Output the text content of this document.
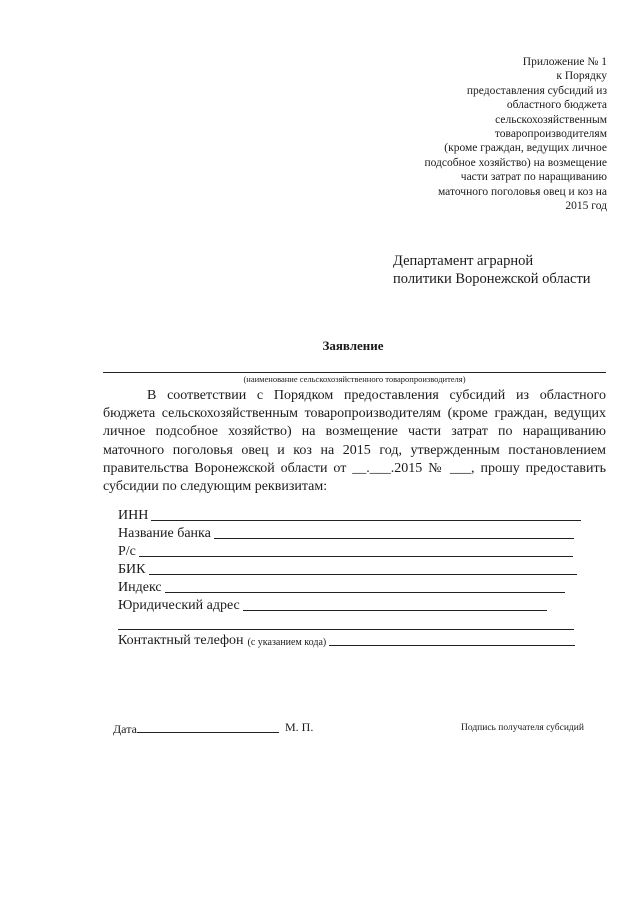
Приложение № 1
к Порядку
предоставления субсидий из
областного бюджета
сельскохозяйственным
товаропроизводителям
(кроме граждан, ведущих личное
подсобное хозяйство) на возмещение
части затрат по наращиванию
маточного поголовья овец и коз на
2015 год
Департамент аграрной
политики Воронежской области
Заявление
(наименование сельскохозяйственного товаропроизводителя)
В соответствии с Порядком предоставления субсидий из областного бюджета сельскохозяйственным товаропроизводителям (кроме граждан, ведущих личное подсобное хозяйство) на возмещение части затрат по наращиванию маточного поголовья овец и коз на 2015 год, утвержденным постановлением правительства Воронежской области от __.___.2015 № ___, прошу предоставить субсидии по следующим реквизитам:
ИНН
Название банка
Р/с
БИК
Индекс
Юридический адрес
Контактный телефон (с указанием кода)
Дата	М. П.	Подпись получателя субсидий
